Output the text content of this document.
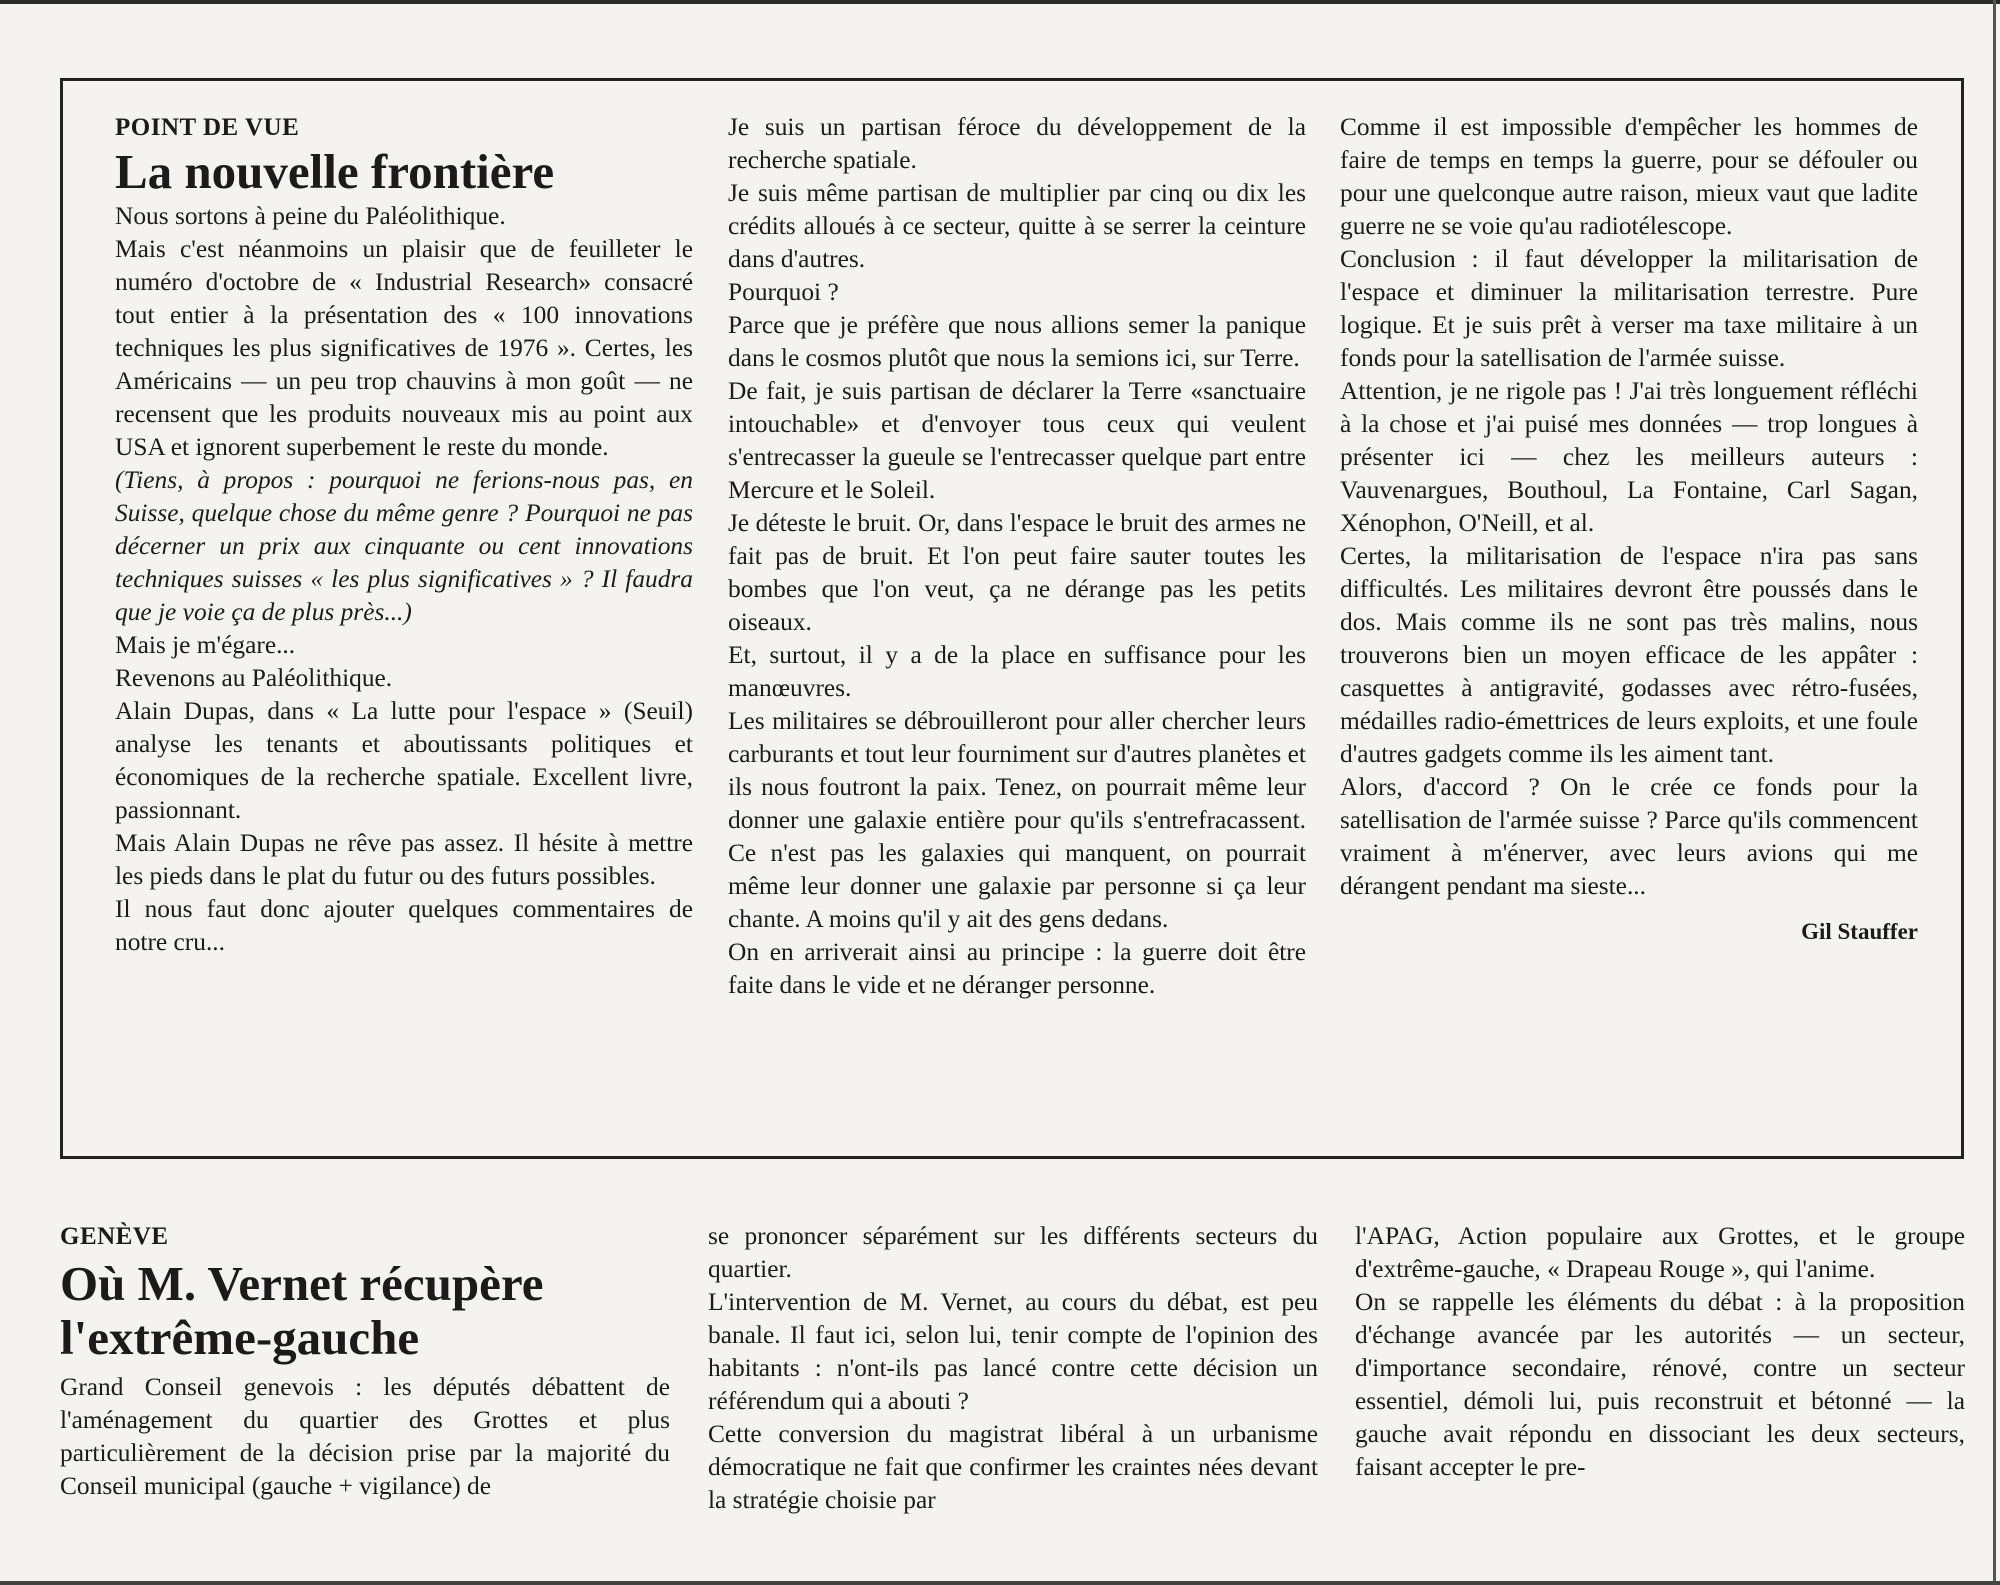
POINT DE VUE

La nouvelle frontière

Nous sortons à peine du Paléolithique.

Mais c'est néanmoins un plaisir que de feuilleter le numéro d'octobre de « Industrial Research» consacré tout entier à la présentation des « 100 innovations techniques les plus significatives de 1976 ». Certes, les Américains — un peu trop chauvins à mon goût — ne recensent que les produits nouveaux mis au point aux USA et ignorent superbement le reste du monde.

(Tiens, à propos : pourquoi ne ferions-nous pas, en Suisse, quelque chose du même genre ? Pourquoi ne pas décerner un prix aux cinquante ou cent innovations techniques suisses « les plus significatives » ? Il faudra que je voie ça de plus près...)

Mais je m'égare...

Revenons au Paléolithique.

Alain Dupas, dans « La lutte pour l'espace » (Seuil) analyse les tenants et aboutissants politiques et économiques de la recherche spatiale. Excellent livre, passionnant.

Mais Alain Dupas ne rêve pas assez. Il hésite à mettre les pieds dans le plat du futur ou des futurs possibles.

Il nous faut donc ajouter quelques commentaires de notre cru...

Je suis un partisan féroce du développement de la recherche spatiale.

Je suis même partisan de multiplier par cinq ou dix les crédits alloués à ce secteur, quitte à se serrer la ceinture dans d'autres.

Pourquoi ?

Parce que je préfère que nous allions semer la panique dans le cosmos plutôt que nous la semions ici, sur Terre.

De fait, je suis partisan de déclarer la Terre «sanctuaire intouchable» et d'envoyer tous ceux qui veulent s'entrecasser la gueule se l'entrecasser quelque part entre Mercure et le Soleil.

Je déteste le bruit. Or, dans l'espace le bruit des armes ne fait pas de bruit. Et l'on peut faire sauter toutes les bombes que l'on veut, ça ne dérange pas les petits oiseaux.

Et, surtout, il y a de la place en suffisance pour les manœuvres.

Les militaires se débrouilleront pour aller chercher leurs carburants et tout leur fourniment sur d'autres planètes et ils nous foutront la paix. Tenez, on pourrait même leur donner une galaxie entière pour qu'ils s'entrefracassent. Ce n'est pas les galaxies qui manquent, on pourrait même leur donner une galaxie par personne si ça leur chante. A moins qu'il y ait des gens dedans.

On en arriverait ainsi au principe : la guerre doit être faite dans le vide et ne déranger personne.

Comme il est impossible d'empêcher les hommes de faire de temps en temps la guerre, pour se défouler ou pour une quelconque autre raison, mieux vaut que ladite guerre ne se voie qu'au radiotélescope.

Conclusion : il faut développer la militarisation de l'espace et diminuer la militarisation terrestre. Pure logique. Et je suis prêt à verser ma taxe militaire à un fonds pour la satellisation de l'armée suisse.

Attention, je ne rigole pas ! J'ai très longuement réfléchi à la chose et j'ai puisé mes données — trop longues à présenter ici — chez les meilleurs auteurs : Vauvenargues, Bouthoul, La Fontaine, Carl Sagan, Xénophon, O'Neill, et al.

Certes, la militarisation de l'espace n'ira pas sans difficultés. Les militaires devront être poussés dans le dos. Mais comme ils ne sont pas très malins, nous trouverons bien un moyen efficace de les appâter : casquettes à antigravité, godasses avec rétro-fusées, médailles radio-émettrices de leurs exploits, et une foule d'autres gadgets comme ils les aiment tant.

Alors, d'accord ? On le crée ce fonds pour la satellisation de l'armée suisse ? Parce qu'ils commencent vraiment à m'énerver, avec leurs avions qui me dérangent pendant ma sieste...

Gil Stauffer

GENÈVE

Où M. Vernet récupère
l'extrême-gauche

Grand Conseil genevois : les députés débattent de l'aménagement du quartier des Grottes et plus particulièrement de la décision prise par la majorité du Conseil municipal (gauche + vigilance) de

se prononcer séparément sur les différents secteurs du quartier.

L'intervention de M. Vernet, au cours du débat, est peu banale. Il faut ici, selon lui, tenir compte de l'opinion des habitants : n'ont-ils pas lancé contre cette décision un référendum qui a abouti ?

Cette conversion du magistrat libéral à un urbanisme démocratique ne fait que confirmer les craintes nées devant la stratégie choisie par

l'APAG, Action populaire aux Grottes, et le groupe d'extrême-gauche, « Drapeau Rouge », qui l'anime.

On se rappelle les éléments du débat : à la proposition d'échange avancée par les autorités — un secteur, d'importance secondaire, rénové, contre un secteur essentiel, démoli lui, puis reconstruit et bétonné — la gauche avait répondu en dissociant les deux secteurs, faisant accepter le pre-
